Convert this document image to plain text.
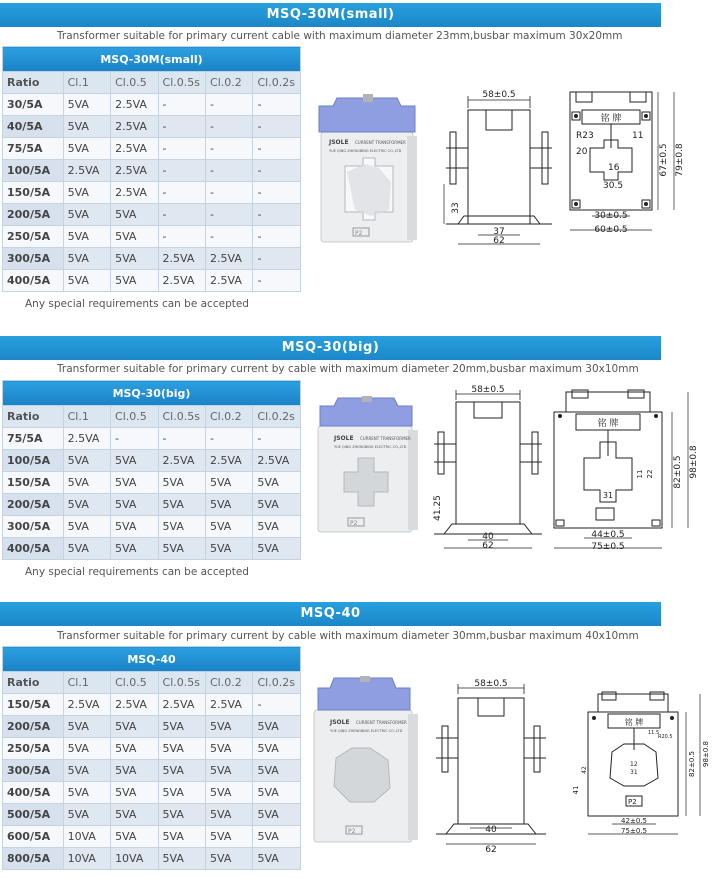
MSQ-30M(small)
Transformer suitable for primary current cable with maximum diameter 23mm,busbar maximum 30x20mm
MSQ-30M(small)					
Ratio	Cl.1	Cl.0.5	Cl.0.5s	Cl.0.2	Cl.0.2s
30/5A	5VA	2.5VA	-	-	-
40/5A	5VA	2.5VA	-	-	-
75/5A	5VA	2.5VA	-	-	-
100/5A	2.5VA	2.5VA	-	-	-
150/5A	5VA	2.5VA	-	-	-
200/5A	5VA	5VA	-	-	-
250/5A	5VA	5VA	-	-	-
300/5A	5VA	5VA	2.5VA	2.5VA	-
400/5A	5VA	5VA	2.5VA	2.5VA	-
Any special requirements can be accepted
JSOLE CURRENT TRANSFORMER
YUE QING ZHENGBING ELECTRIC CO.,LTD
P2
58±0.5
33
37
62
铭 牌
11
20
16
30.5
R23
67±0.5 79±0.8
30±0.5
60±0.5
MSQ-30(big)
Transformer suitable for primary current by cable with maximum diameter 20mm,busbar maximum 30x10mm
MSQ-30(big)					
Ratio	Cl.1	Cl.0.5	Cl.0.5s	Cl.0.2	Cl.0.2s
75/5A	2.5VA	-	-	-	-
100/5A	5VA	5VA	2.5VA	2.5VA	2.5VA
150/5A	5VA	5VA	5VA	5VA	5VA
200/5A	5VA	5VA	5VA	5VA	5VA
300/5A	5VA	5VA	5VA	5VA	5VA
400/5A	5VA	5VA	5VA	5VA	5VA
Any special requirements can be accepted
JSOLE CURRENT TRANSFORMER
YUE QING ZHENGBING ELECTRIC CO.,LTD
P2
58±0.5
41.25
40
62
铭 牌
11 22
31
82±0.5 98±0.8
44±0.5
75±0.5
MSQ-40
Transformer suitable for primary current by cable with maximum diameter 30mm,busbar maximum 40x10mm
MSQ-40					
Ratio	Cl.1	Cl.0.5	Cl.0.5s	Cl.0.2	Cl.0.2s
150/5A	2.5VA	2.5VA	2.5VA	2.5VA	-
200/5A	5VA	5VA	5VA	5VA	5VA
250/5A	5VA	5VA	5VA	5VA	5VA
300/5A	5VA	5VA	5VA	5VA	5VA
400/5A	5VA	5VA	5VA	5VA	5VA
500/5A	5VA	5VA	5VA	5VA	5VA
600/5A	10VA	5VA	5VA	5VA	5VA
800/5A	10VA	10VA	5VA	5VA	5VA
JSOLE CURRENT TRANSFORMER
YUE QING ZHENGBING ELECTRIC CO.,LTD
P2
58±0.5
40
62
铭 牌
R20.5
11.5
42	31
12
P2
41
82±0.5 98±0.8
42±0.5
75±0.5
